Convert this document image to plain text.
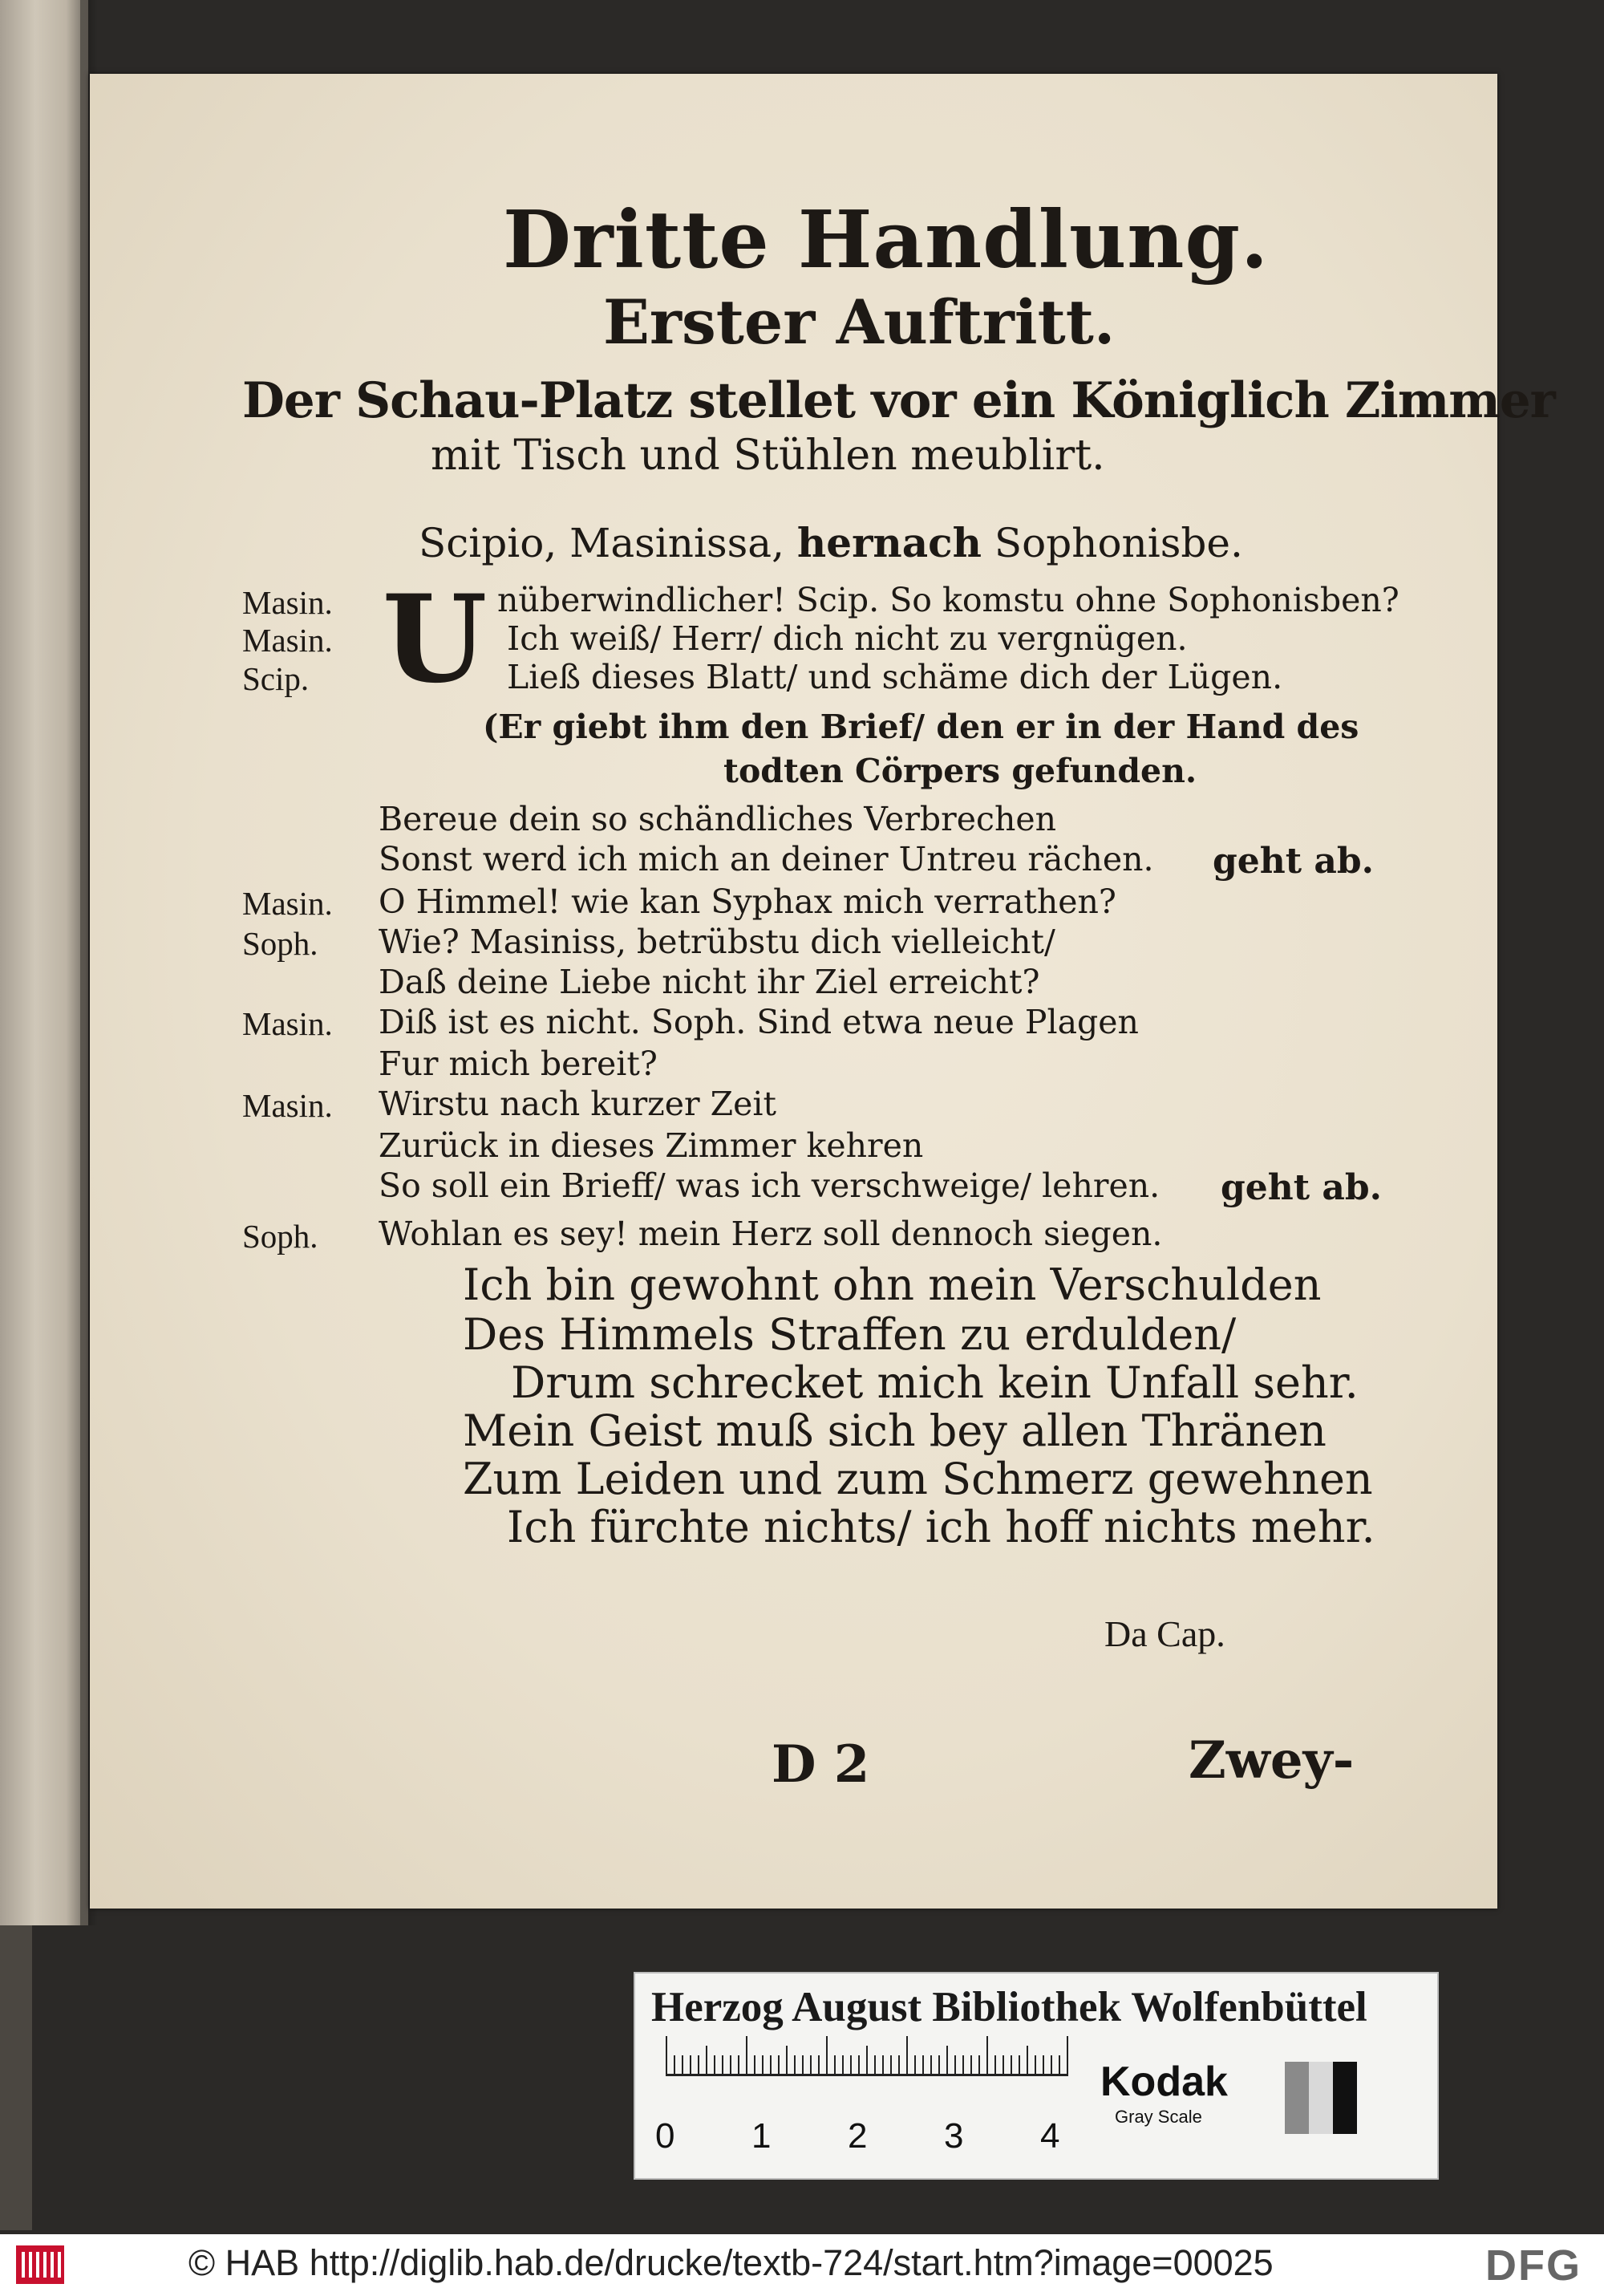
Dritte Handlung.
Erster Auftritt.
Der Schau-Platz stellet vor ein Königlich Zimmer
mit Tisch und Stühlen meublirt.
Scipio, Masinissa, hernach Sophonisbe.
Masin.
Masin.
Scip.
Masin.
Soph.
Masin.
Masin.
Soph.
U nüberwindlicher! Scip. So komstu ohne Sophonisben?
Ich weiß/ Herr/ dich nicht zu vergnügen.
Ließ dieses Blatt/ und schäme dich der Lügen.
(Er giebt ihm den Brief/ den er in der Hand des
todten Cörpers gefunden.
Bereue dein so schändliches Verbrechen
Sonst werd ich mich an deiner Untreu rächen. geht ab.
O Himmel! wie kan Syphax mich verrathen?
Wie? Masiniss, betrübstu dich vielleicht/
Daß deine Liebe nicht ihr Ziel erreicht?
Diß ist es nicht. Soph. Sind etwa neue Plagen
Fur mich bereit?
Wirstu nach kurzer Zeit
Zurück in dieses Zimmer kehren
So soll ein Brieff/ was ich verschweige/ lehren. geht ab.
Wohlan es sey! mein Herz soll dennoch siegen.
Ich bin gewohnt ohn mein Verschulden
Des Himmels Straffen zu erdulden/
Drum schrecket mich kein Unfall sehr.
Mein Geist muß sich bey allen Thränen
Zum Leiden und zum Schmerz gewehnen
Ich fürchte nichts/ ich hoff nichts mehr.
Da Cap.
D 2	Zwey-
Herzog August Bibliothek Wolfenbüttel
0 1 2 3 4
Kodak
Gray Scale
© HAB http://diglib.hab.de/drucke/textb-724/start.htm?image=00025	DFG
